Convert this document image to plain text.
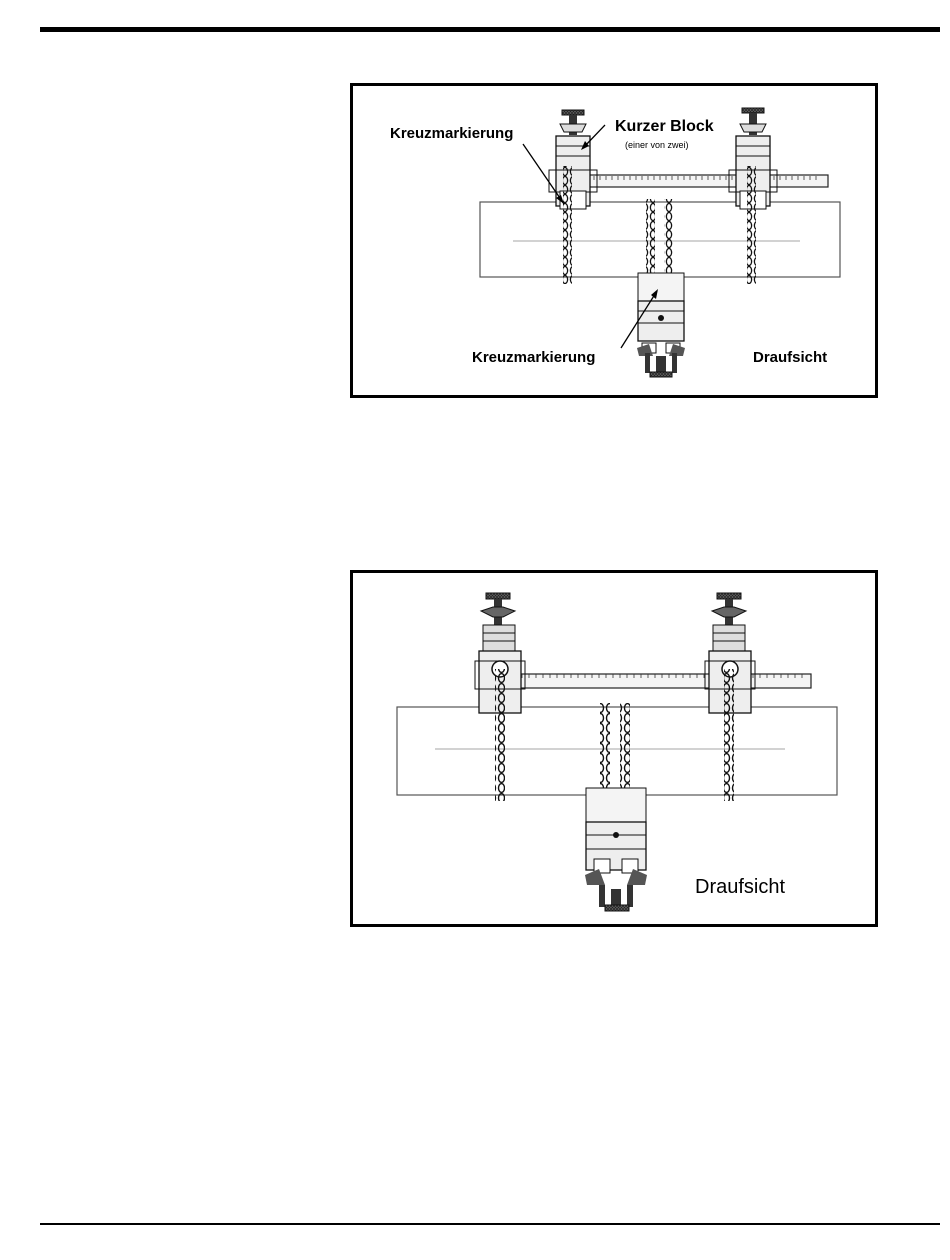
Kreuzmarkierung	Kurzer Block
(einer von zwei)
Kreuzmarkierung	Draufsicht
Draufsicht
